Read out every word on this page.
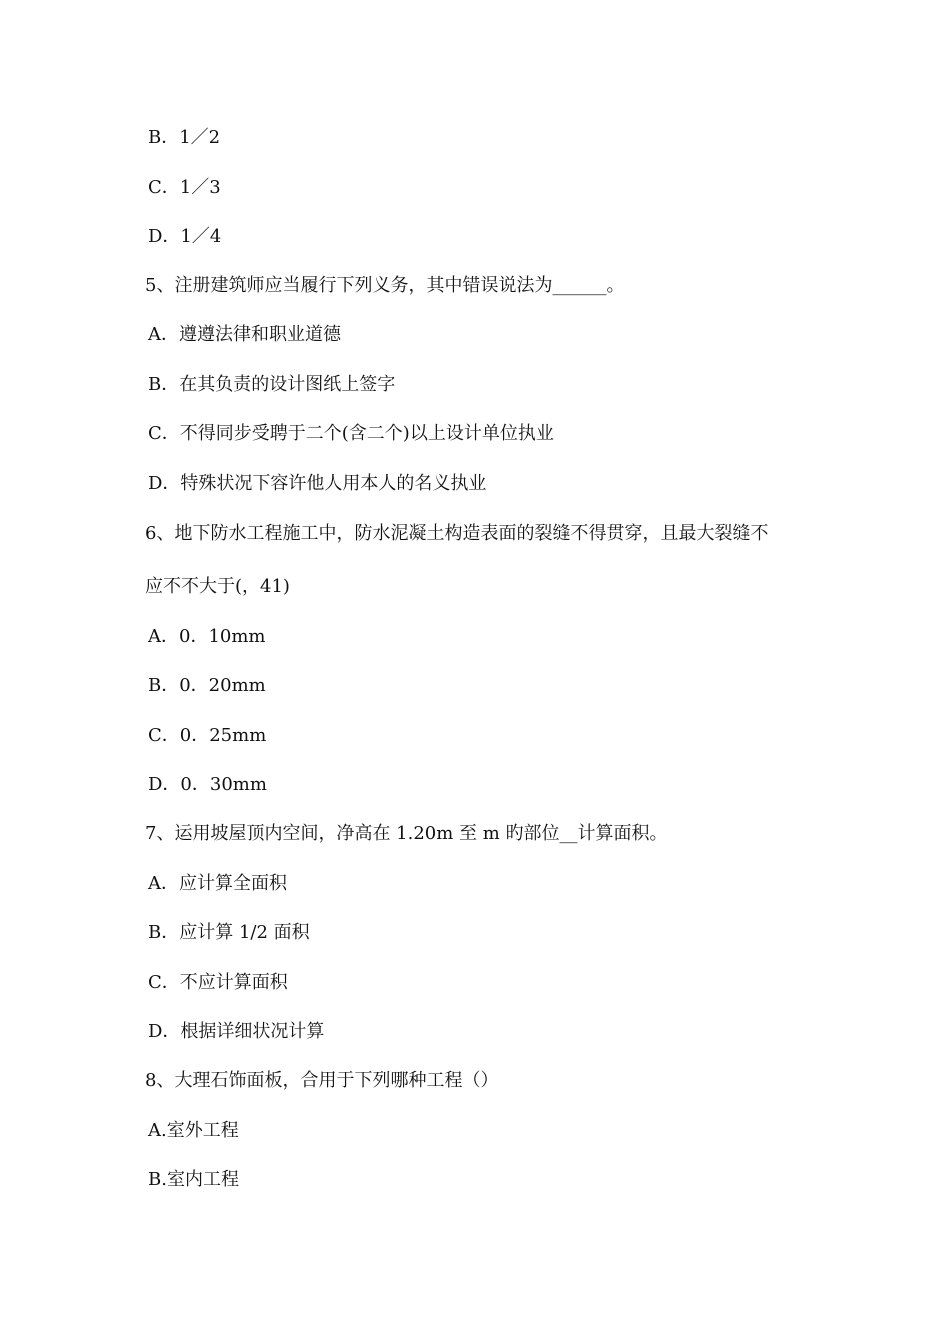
B．1／2
C．1／3
D．1／4
5、注册建筑师应当履行下列义务，其中错误说法为______。
A．遵遵法律和职业道德
B．在其负责的设计图纸上签字
C．不得同步受聘于二个(含二个)以上设计单位执业
D．特殊状况下容许他人用本人的名义执业
6、地下防水工程施工中，防水泥凝土构造表面的裂缝不得贯穿，且最大裂缝不
应不不大于(，41)
A．0．10mm
B．0．20mm
C．0．25mm
D．0．30mm
7、运用坡屋顶内空间，净高在 1.20m 至 m 旳部位__计算面积。
A．应计算全面积
B．应计算 1/2 面积
C．不应计算面积
D．根据详细状况计算
8、大理石饰面板，合用于下列哪种工程（）
A.室外工程
B.室内工程
